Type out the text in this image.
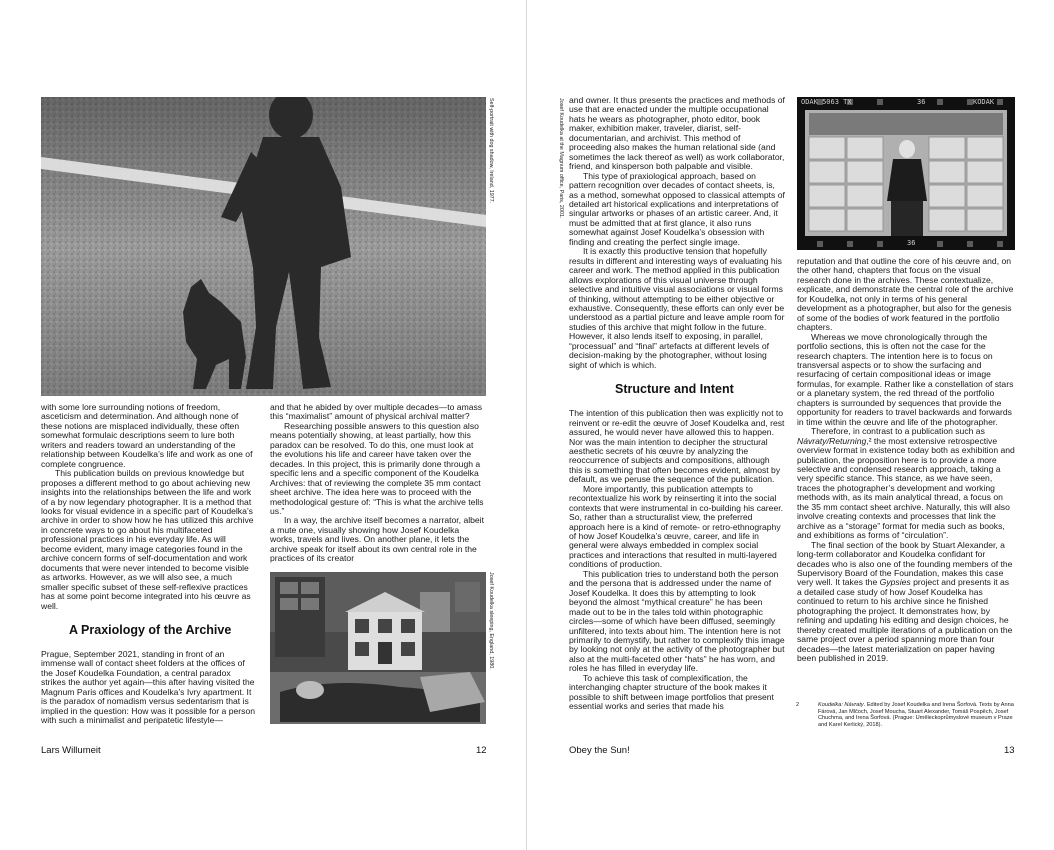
Self-portrait with dog shadow, Ireland, 1977.

with some lore surrounding notions of freedom, asceticism and determination. And although none of these notions are misplaced individually, these often somewhat formulaic descriptions seem to lure both writers and readers toward an understanding of the relationship between Koudelka’s life and work as one of complete congruence.

This publication builds on previous knowledge but proposes a different method to go about achieving new insights into the relationships between the life and work of a by now legendary photographer. It is a method that looks for visual evidence in a specific part of Koudelka’s archive in order to show how he has utilized this archive in concrete ways to go about his multifaceted professional practices in his everyday life. As will become evident, many image categories found in the archive concern forms of self-documentation and work documents that were never intended to become visible as artworks. However, as we will also see, a much smaller specific subset of these self-reflexive practices has at some point become integrated into his œuvre as well.

A Praxiology of the Archive

Prague, September 2021, standing in front of an immense wall of contact sheet folders at the offices of the Josef Koudelka Foundation, a central paradox strikes the author yet again—this after having visited the Magnum Paris offices and Koudelka’s Ivry apartment. It is the paradox of nomadism versus sedentarism that is implied in the question: How was it possible for a person with such a minimalist and peripatetic lifestyle—

and that he abided by over multiple decades—to amass this “maximalist” amount of physical archival matter?

Researching possible answers to this question also means potentially showing, at least partially, how this paradox can be resolved. To do this, one must look at the evolutions his life and career have taken over the decades. In this project, this is primarily done through a specific lens and a specific component of the Koudelka Archives: that of reviewing the complete 35 mm contact sheet archive. The idea here was to proceed with the methodological gesture of: “This is what the archive tells us.”

In a way, the archive itself becomes a narrator, albeit a mute one, visually showing how Josef Koudelka works, travels and lives. On another plane, it lets the archive speak for itself about its own central role in the practices of its creator

Josef Koudelka sleeping, England, 1980.
Lars Willumeit	12
Josef Koudelka at the Magnum office, Paris, 2001. and owner. It thus presents the practices and methods of use that are enacted under the multiple occupational hats he wears as photographer, photo editor, book maker, exhibition maker, traveler, diarist, self-documentarian, and archivist. This method of proceeding also makes the human relational side (and sometimes the lack thereof as well) as work collaborator, friend, and kinsperson both palpable and visible.

This type of praxiological approach, based on pattern recognition over decades of contact sheets, is, as a method, somewhat opposed to classical attempts of detailed art historical explications and interpretations of singular artworks or phases of an artistic career. And, it must be admitted that at first glance, it also runs somewhat against Josef Koudelka’s obsession with finding and creating the perfect single image.

It is exactly this productive tension that hopefully results in different and interesting ways of evaluating his career and work. The method applied in this publication allows explorations of this visual universe through selective and intuitive visual associations or visual forms of thinking, without attempting to be either objective or exhaustive. Consequently, these efforts can only ever be understood as a partial picture and leave ample room for studies of this archive that might follow in the future. However, it also lends itself to exposing, in parallel, “processual” and “final” artefacts at different levels of decision-making by the photographer, without losing sight of which is which.

Structure and Intent

The intention of this publication then was explicitly not to reinvent or re-edit the œuvre of Josef Koudelka and, rest assured, he would never have allowed this to happen. Nor was the main intention to decipher the structural aesthetic secrets of his œuvre by analyzing the reoccurrence of subjects and compositions, although this is something that often becomes evident, almost by default, as we peruse the sequence of the publication.

More importantly, this publication attempts to recontextualize his work by reinserting it into the social contexts that were instrumental in co-building his career. So, rather than a structuralist view, the preferred approach here is a kind of remote- or retro-ethnography of how Josef Koudelka’s œuvre, career, and life in general were always embedded in complex social practices and interactions that resulted in multi-layered conditions of production.

This publication tries to understand both the person and the persona that is addressed under the name of Josef Koudelka. It does this by attempting to look beyond the almost “mythical creature” he has been made out to be in the tales told within photographic circles—some of which have been diffused, seemingly unfiltered, into texts about him. The intention here is not primarily to demystify, but rather to complexify this image by looking not only at the activity of the photographer but also at the multi-faceted other “hats” he has worn, and roles he has filled in everyday life.

To achieve this task of complexification, the interchanging chapter structure of the book makes it possible to shift between image portfolios that present essential works and series that made his

ODAK 5063 TX	36	KODAK
36

reputation and that outline the core of his œuvre and, on the other hand, chapters that focus on the visual research done in the archives. These contextualize, explicate, and demonstrate the central role of the archive for Koudelka, not only in terms of his general development as a photographer, but also for the genesis of some of the bodies of work featured in the portfolio chapters.

Whereas we move chronologically through the portfolio sections, this is often not the case for the research chapters. The intention here is to focus on transversal aspects or to show the surfacing and resurfacing of certain compositional ideas or image formulas, for example. Rather like a constellation of stars or a planetary system, the red thread of the portfolio chapters is surrounded by sequences that provide the opportunity for readers to travel backwards and forwards in time within the œuvre and life of the photographer.

Therefore, in contrast to a publication such as Návraty/Returning,² the most extensive retrospective overview format in existence today both as exhibition and publication, the proposition here is to provide a more selective and condensed research approach, taking a very specific stance. This stance, as we have seen, traces the photographer’s development and working methods with, as its main analytical thread, a focus on the 35 mm contact sheet archive. Naturally, this will also involve creating contexts and processes that link the archive as a “storage” format for media such as books, and exhibitions as forms of “circulation”.

The final section of the book by Stuart Alexander, a long-term collaborator and Koudelka confidant for decades who is also one of the founding members of the Supervisory Board of the Foundation, makes this case very well. It takes the Gypsies project and presents it as a detailed case study of how Josef Koudelka has continued to return to his archive since he finished photographing the project. It demonstrates how, by refining and updating his editing and design choices, he thereby created multiple iterations of a publication on the same project over a period spanning more than four decades—the latest materialization on paper having been published in 2019.

2	Koudelka: Návraty. Edited by Josef Koudelka and Irena Šorfová. Texts by Anna Fárová, Jan Mlčoch, Josef Moucha, Stuart Alexander, Tomáš Pospěch, Josef Chuchma, and Irena Šorfová. (Prague: Uměleckoprůmyslové museum v Praze and Karel Kerlický, 2018).
Obey the Sun!	13
